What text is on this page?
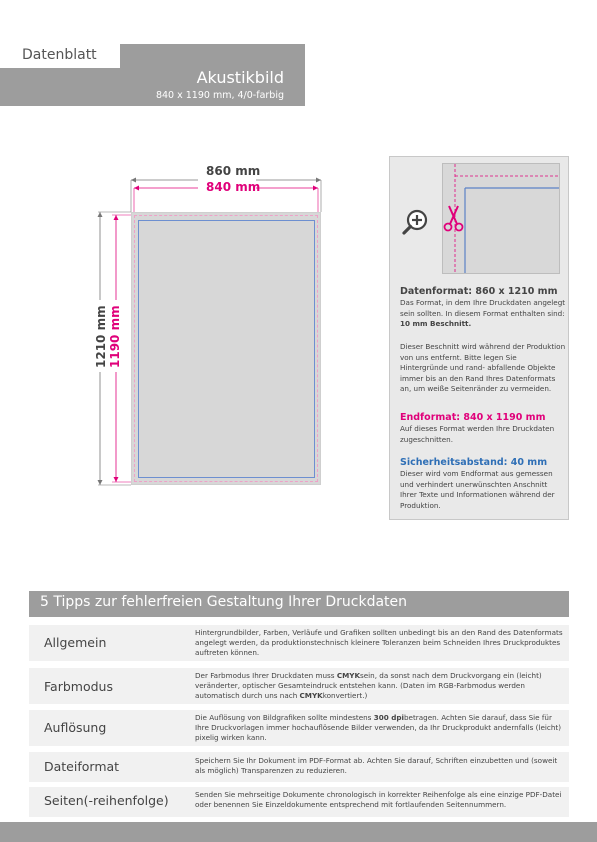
Datenblatt
Akustikbild
840 x 1190 mm, 4/0-farbig
860 mm
840 mm
1210 mm 1190 mm
Datenformat: 860 x 1210 mm
Das Format, in dem Ihre Druckdaten angelegt sein sollten. In diesem Format enthalten sind: 10 mm Beschnitt.
Dieser Beschnitt wird während der Produktion von uns entfernt. Bitte legen Sie Hintergründe und rand- abfallende Objekte immer bis an den Rand Ihres Datenformats an, um weiße Seitenränder zu vermeiden.
Endformat: 840 x 1190 mm
Auf dieses Format werden Ihre Druckdaten zugeschnitten.
Sicherheitsabstand: 40 mm
Dieser wird vom Endformat aus gemessen und verhindert unerwünschten Anschnitt Ihrer Texte und Informationen während der Produktion.
5 Tipps zur fehlerfreien Gestaltung Ihrer Druckdaten
Allgemein
Hintergrundbilder, Farben, Verläufe und Grafiken sollten unbedingt bis an den Rand des Datenformats angelegt werden, da produktionstechnisch kleinere Toleranzen beim Schneiden Ihres Druckproduktes auftreten können.
Farbmodus
Der Farbmodus Ihrer Druckdaten muss CMYKsein, da sonst nach dem Druckvorgang ein (leicht) veränderter, optischer Gesamteindruck entstehen kann. (Daten im RGB-Farbmodus werden automatisch durch uns nach CMYKkonvertiert.)
Auflösung
Die Auflösung von Bildgrafiken sollte mindestens 300 dpibetragen. Achten Sie darauf, dass Sie für Ihre Druckvorlagen immer hochauflösende Bilder verwenden, da Ihr Druckprodukt andernfalls (leicht) pixelig wirken kann.
Dateiformat	Speichern Sie Ihr Dokument im PDF-Format ab. Achten Sie darauf, Schriften einzubetten und (soweit als möglich) Transparenzen zu reduzieren.
Seiten(-reihenfolge)	Senden Sie mehrseitige Dokumente chronologisch in korrekter Reihenfolge als eine einzige PDF-Datei oder benennen Sie Einzeldokumente entsprechend mit fortlaufenden Seitennummern.
